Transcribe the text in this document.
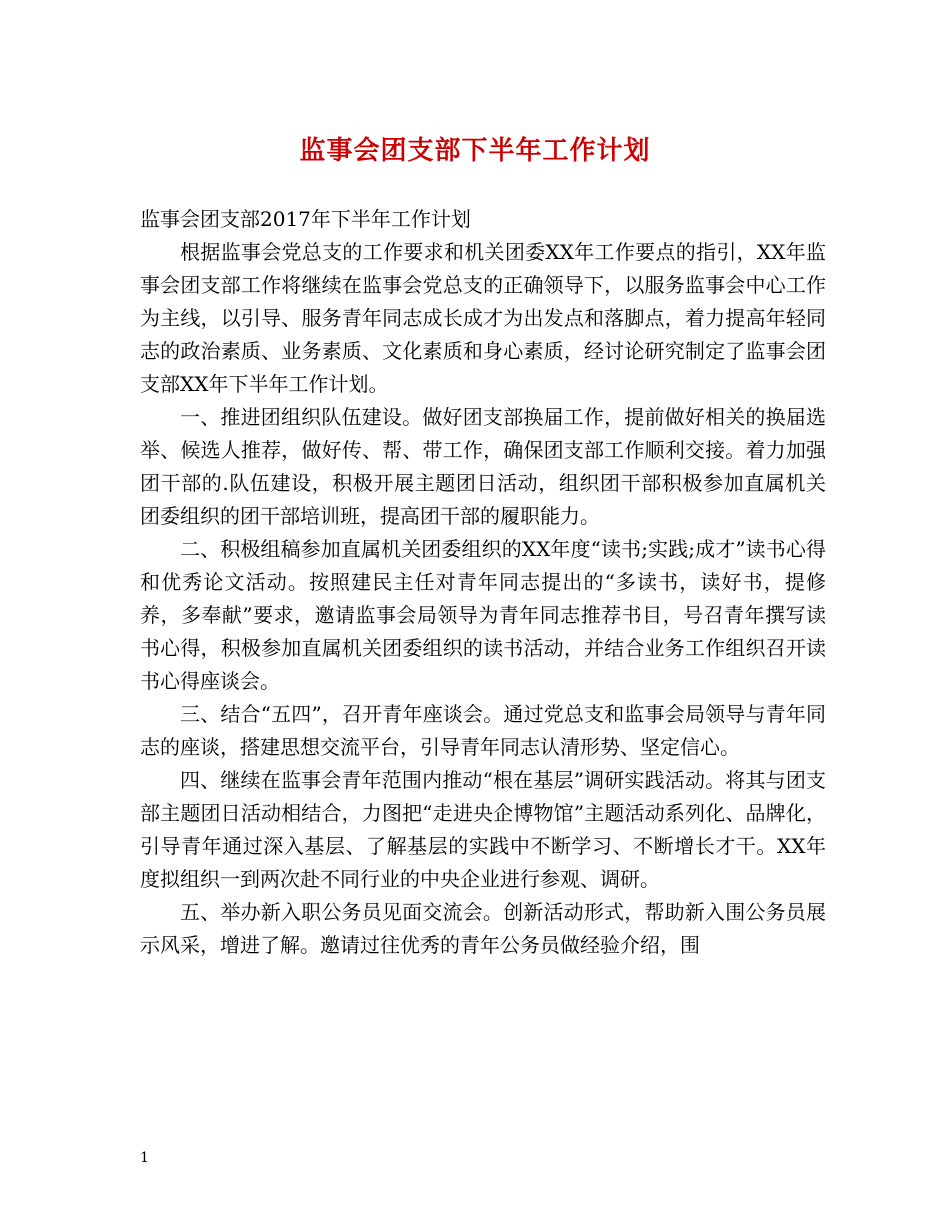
监事会团支部下半年工作计划

监事会团支部2017年下半年工作计划

根据监事会党总支的工作要求和机关团委XX年工作要点的指引，XX年监事会团支部工作将继续在监事会党总支的正确领导下，以服务监事会中心工作为主线，以引导、服务青年同志成长成才为出发点和落脚点，着力提高年轻同志的政治素质、业务素质、文化素质和身心素质，经讨论研究制定了监事会团支部XX年下半年工作计划。

一、推进团组织队伍建设。做好团支部换届工作，提前做好相关的换届选举、候选人推荐，做好传、帮、带工作，确保团支部工作顺利交接。着力加强团干部的.队伍建设，积极开展主题团日活动，组织团干部积极参加直属机关团委组织的团干部培训班，提高团干部的履职能力。

二、积极组稿参加直属机关团委组织的XX年度“读书;实践;成才”读书心得和优秀论文活动。按照建民主任对青年同志提出的“多读书，读好书，提修养，多奉献”要求，邀请监事会局领导为青年同志推荐书目，号召青年撰写读书心得，积极参加直属机关团委组织的读书活动，并结合业务工作组织召开读书心得座谈会。

三、结合“五四”，召开青年座谈会。通过党总支和监事会局领导与青年同志的座谈，搭建思想交流平台，引导青年同志认清形势、坚定信心。

四、继续在监事会青年范围内推动“根在基层”调研实践活动。将其与团支部主题团日活动相结合，力图把“走进央企博物馆”主题活动系列化、品牌化，引导青年通过深入基层、了解基层的实践中不断学习、不断增长才干。XX年度拟组织一到两次赴不同行业的中央企业进行参观、调研。

五、举办新入职公务员见面交流会。创新活动形式，帮助新入围公务员展示风采，增进了解。邀请过往优秀的青年公务员做经验介绍，围

1
